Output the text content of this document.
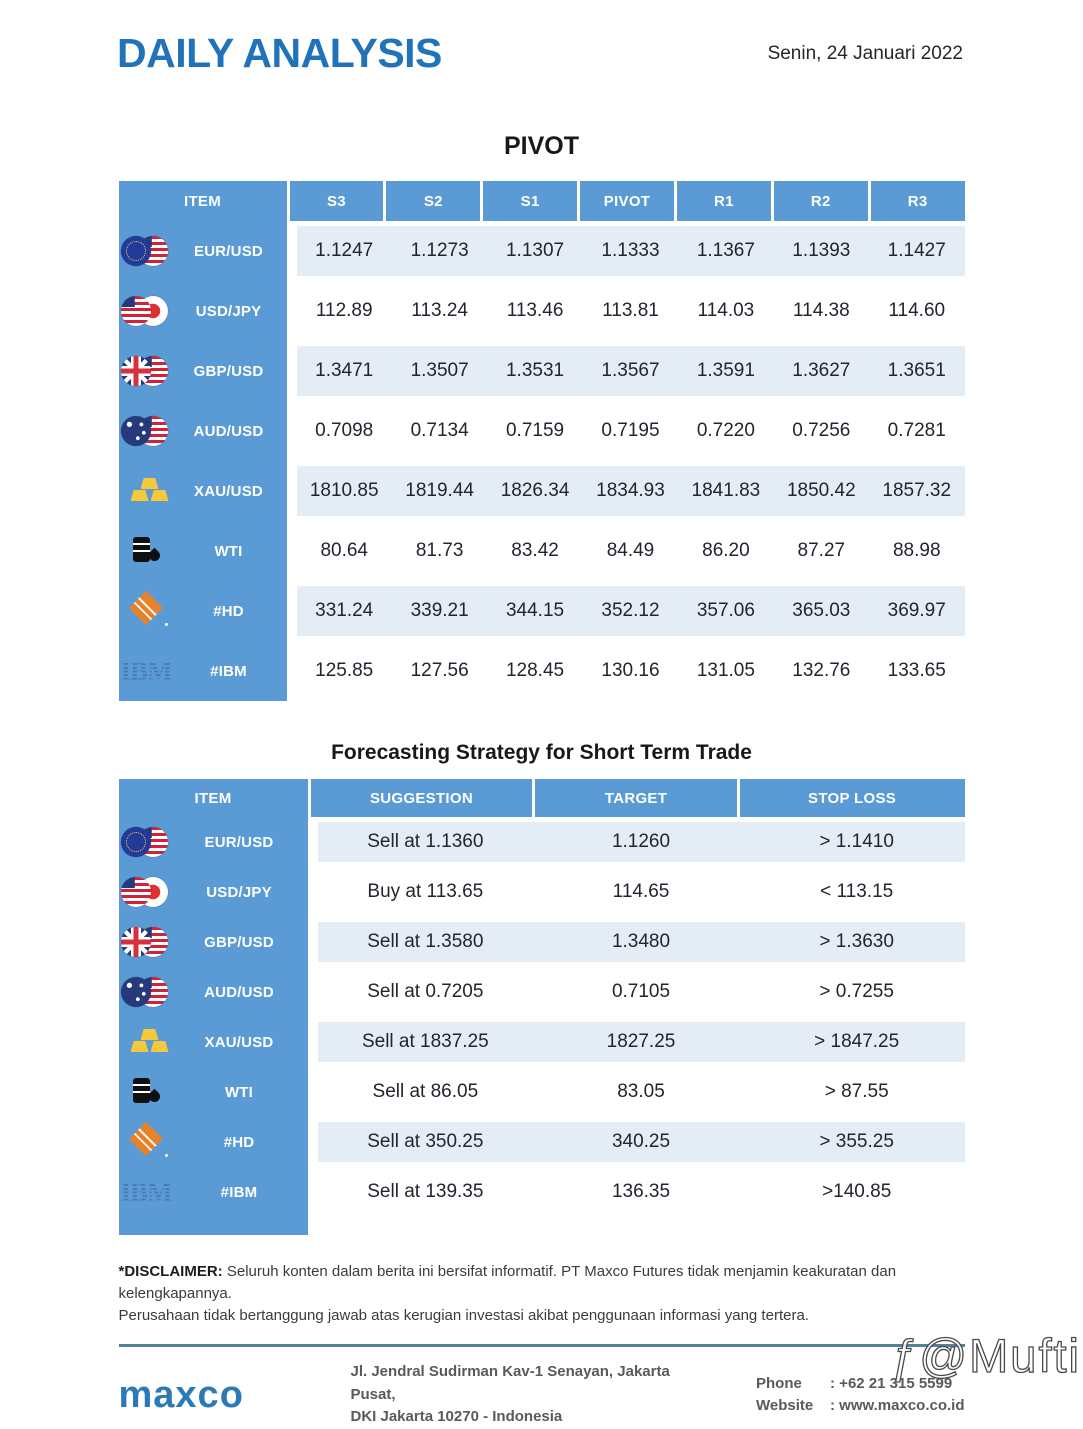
DAILY ANALYSIS	Senin, 24 Januari 2022
PIVOT
ITEM	S3	S2	S1	PIVOT	R1	R2	R3
EUR/USD	1.1247	1.1273	1.1307	1.1333	1.1367	1.1393	1.1427
USD/JPY	112.89	113.24	113.46	113.81	114.03	114.38	114.60
GBP/USD	1.3471	1.3507	1.3531	1.3567	1.3591	1.3627	1.3651
AUD/USD	0.7098	0.7134	0.7159	0.7195	0.7220	0.7256	0.7281
XAU/USD	1810.85	1819.44	1826.34	1834.93	1841.83	1850.42	1857.32
WTI	80.64	81.73	83.42	84.49	86.20	87.27	88.98
#HD	331.24	339.21	344.15	352.12	357.06	365.03	369.97
IBM	#IBM	125.85	127.56	128.45	130.16	131.05	132.76	133.65
Forecasting Strategy for Short Term Trade
ITEM	SUGGESTION	TARGET	STOP LOSS
EUR/USD	Sell at 1.1360	1.1260	> 1.1410
USD/JPY	Buy at 113.65	114.65	< 113.15
GBP/USD	Sell at 1.3580	1.3480	> 1.3630
AUD/USD	Sell at 0.7205	0.7105	> 0.7255
XAU/USD	Sell at 1837.25	1827.25	> 1847.25
WTI	Sell at 86.05	83.05	> 87.55
#HD	Sell at 350.25	340.25	> 355.25
IBM	#IBM	Sell at 139.35	136.35	>140.85
*DISCLAIMER: Seluruh konten dalam berita ini bersifat informatif. PT Maxco Futures tidak menjamin keakuratan dan kelengkapannya.
Perusahaan tidak bertanggung jawab atas kerugian investasi akibat penggunaan informasi yang tertera.
maxco
Jl. Jendral Sudirman Kav-1 Senayan, Jakarta Pusat,
DKI Jakarta 10270 - Indonesia
Phone	: +62 21 315 5599
Website	: www.maxco.co.id
ƒ@Mufti
